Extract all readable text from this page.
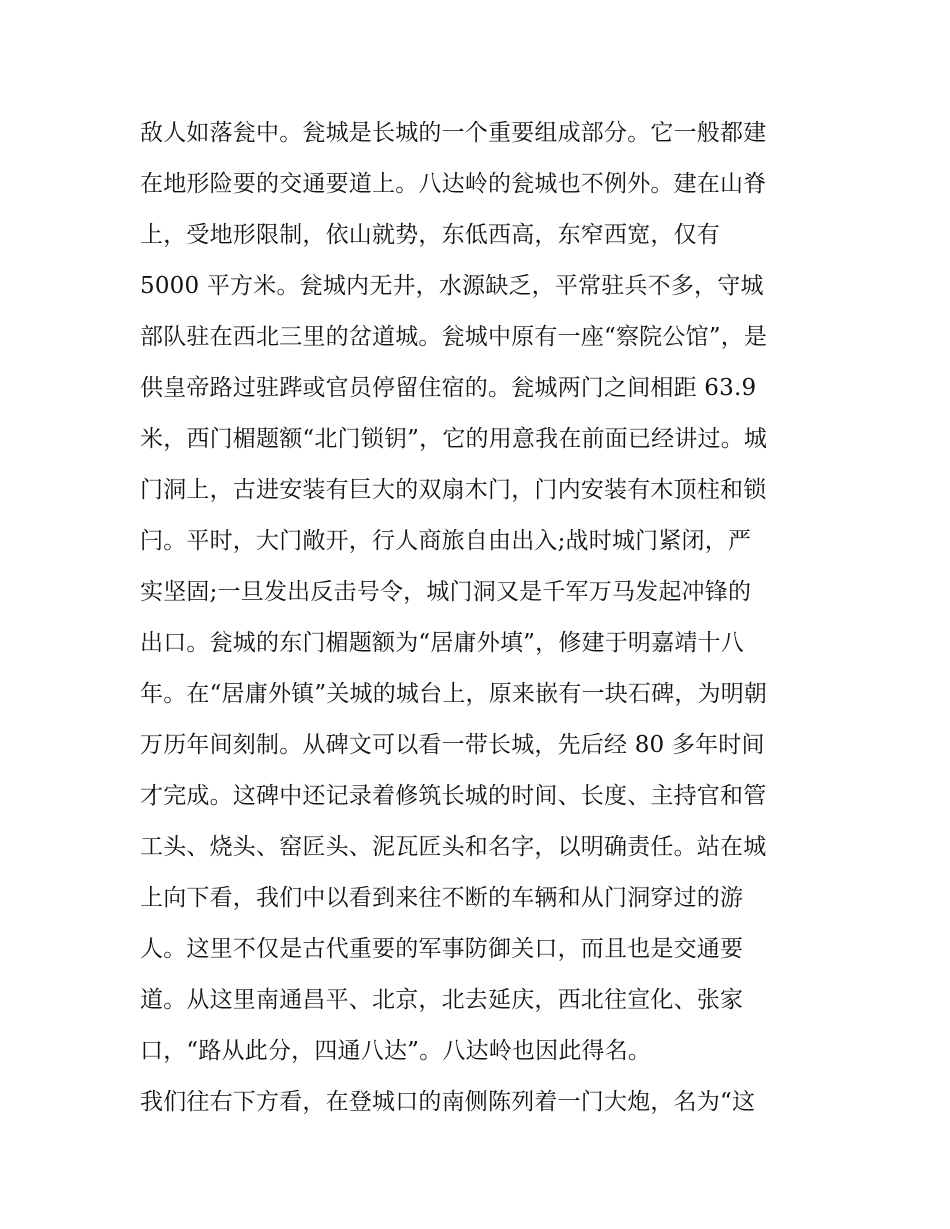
敌人如落瓮中。瓮城是长城的一个重要组成部分。它一般都建
在地形险要的交通要道上。八达岭的瓮城也不例外。建在山脊
上，受地形限制，依山就势，东低西高，东窄西宽，仅有
5000 平方米。瓮城内无井，水源缺乏，平常驻兵不多，守城
部队驻在西北三里的岔道城。瓮城中原有一座“察院公馆”，是
供皇帝路过驻跸或官员停留住宿的。瓮城两门之间相距 63.9
米，西门楣题额“北门锁钥”，它的用意我在前面已经讲过。城
门洞上，古进安装有巨大的双扇木门，门内安装有木顶柱和锁
闩。平时，大门敞开，行人商旅自由出入;战时城门紧闭，严
实坚固;一旦发出反击号令，城门洞又是千军万马发起冲锋的
出口。瓮城的东门楣题额为“居庸外填”，修建于明嘉靖十八
年。在“居庸外镇”关城的城台上，原来嵌有一块石碑，为明朝
万历年间刻制。从碑文可以看一带长城，先后经 80 多年时间
才完成。这碑中还记录着修筑长城的时间、长度、主持官和管
工头、烧头、窑匠头、泥瓦匠头和名字，以明确责任。站在城
上向下看，我们中以看到来往不断的车辆和从门洞穿过的游
人。这里不仅是古代重要的军事防御关口，而且也是交通要
道。从这里南通昌平、北京，北去延庆，西北往宣化、张家
口，“路从此分，四通八达”。八达岭也因此得名。
我们往右下方看，在登城口的南侧陈列着一门大炮，名为“这
